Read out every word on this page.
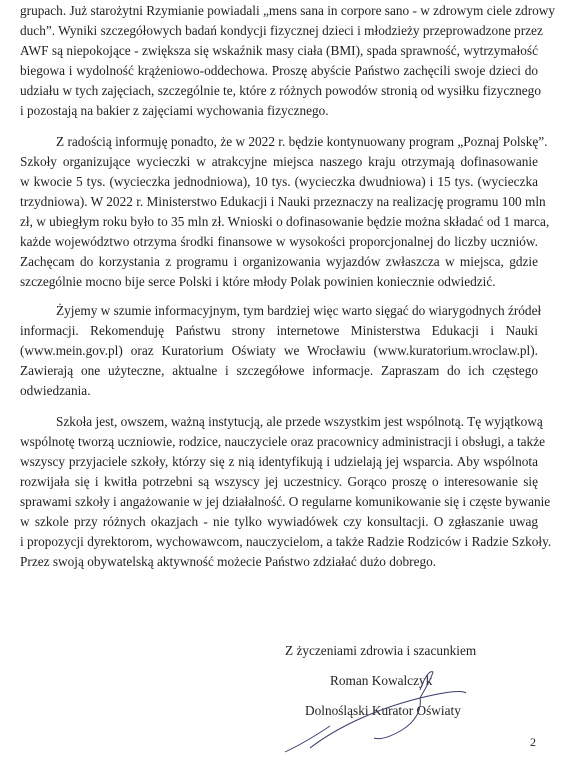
grupach. Już starożytni Rzymianie powiadali „mens sana in corpore sano - w zdrowym ciele zdrowy
duch”. Wyniki szczegółowych badań kondycji fizycznej dzieci i młodzieży przeprowadzone przez
AWF są niepokojące - zwiększa się wskaźnik masy ciała (BMI), spada sprawność, wytrzymałość
biegowa i wydolność krążeniowo-oddechowa. Proszę abyście Państwo zachęcili swoje dzieci do
udziału w tych zajęciach, szczególnie te, które z różnych powodów stronią od wysiłku fizycznego
i pozostają na bakier z zajęciami wychowania fizycznego.
Z radością informuję ponadto, że w 2022 r. będzie kontynuowany program „Poznaj Polskę”.
Szkoły organizujące wycieczki w atrakcyjne miejsca naszego kraju otrzymają dofinasowanie
w kwocie 5 tys. (wycieczka jednodniowa), 10 tys. (wycieczka dwudniowa) i 15 tys. (wycieczka
trzydniowa). W 2022 r. Ministerstwo Edukacji i Nauki przeznaczy na realizację programu 100 mln
zł, w ubiegłym roku było to 35 mln zł. Wnioski o dofinasowanie będzie można składać od 1 marca,
każde województwo otrzyma środki finansowe w wysokości proporcjonalnej do liczby uczniów.
Zachęcam do korzystania z programu i organizowania wyjazdów zwłaszcza w miejsca, gdzie
szczególnie mocno bije serce Polski i które młody Polak powinien koniecznie odwiedzić.
Żyjemy w szumie informacyjnym, tym bardziej więc warto sięgać do wiarygodnych źródeł
informacji. Rekomenduję Państwu strony internetowe Ministerstwa Edukacji i Nauki
(www.mein.gov.pl) oraz Kuratorium Oświaty we Wrocławiu (www.kuratorium.wroclaw.pl).
Zawierają one użyteczne, aktualne i szczegółowe informacje. Zapraszam do ich częstego
odwiedzania.
Szkoła jest, owszem, ważną instytucją, ale przede wszystkim jest wspólnotą. Tę wyjątkową
wspólnotę tworzą uczniowie, rodzice, nauczyciele oraz pracownicy administracji i obsługi, a także
wszyscy przyjaciele szkoły, którzy się z nią identyfikują i udzielają jej wsparcia. Aby wspólnota
rozwijała się i kwitła potrzebni są wszyscy jej uczestnicy. Gorąco proszę o interesowanie się
sprawami szkoły i angażowanie w jej działalność. O regularne komunikowanie się i częste bywanie
w szkole przy różnych okazjach - nie tylko wywiadówek czy konsultacji. O zgłaszanie uwag
i propozycji dyrektorom, wychowawcom, nauczycielom, a także Radzie Rodziców i Radzie Szkoły.
Przez swoją obywatelską aktywność możecie Państwo zdziałać dużo dobrego.
Z życzeniami zdrowia i szacunkiem
Roman Kowalczyk
Dolnośląski Kurator Oświaty
2
